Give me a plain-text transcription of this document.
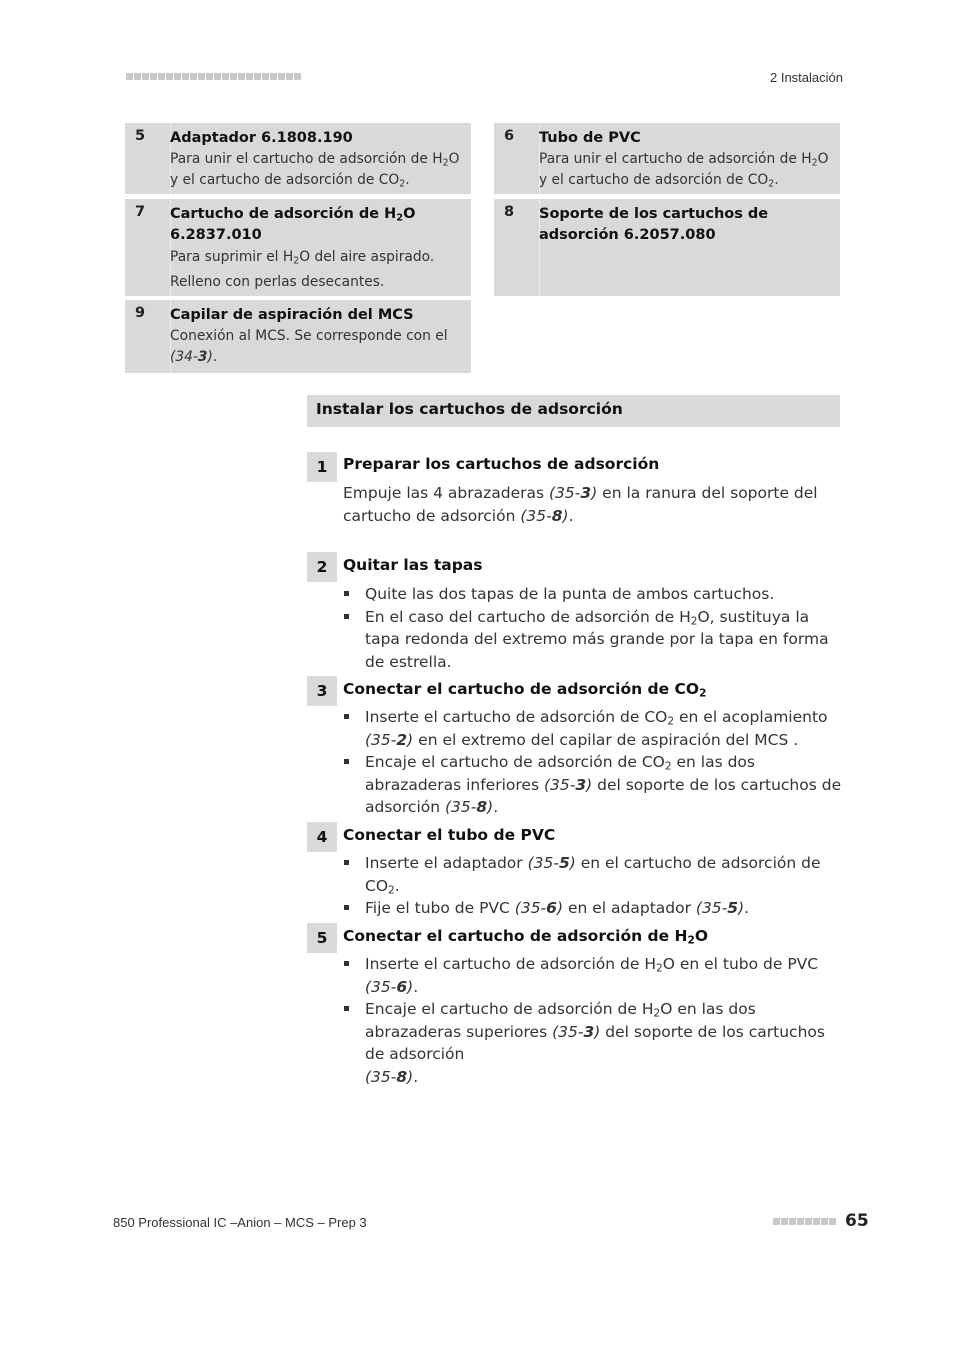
2 Instalación
5 Adaptador 6.1808.190
Para unir el cartucho de adsorción de $H_2O$ y el cartucho de adsorción de $CO_2$.
6 Tubo de PVC
Para unir el cartucho de adsorción de $H_2O$ y el cartucho de adsorción de $CO_2$.
7 Cartucho de adsorción de $H_2O$ 6.2837.010
Para suprimir el $H_2O$ del aire aspirado.
Relleno con perlas desecantes.
8 Soporte de los cartuchos de adsorción 6.2057.080
9 Capilar de aspiración del MCS
Conexión al MCS. Se corresponde con el
(34-3).
Instalar los cartuchos de adsorción
1	Preparar los cartuchos de adsorción
Empuje las 4 abrazaderas (35-3) en la ranura del soporte del cartucho de adsorción (35-8).
2	Quitar las tapas
Quite las dos tapas de la punta de ambos cartuchos.
En el caso del cartucho de adsorción de $H_2O$, sustituya la tapa redonda del extremo más grande por la tapa en forma de estrella.
3	Conectar el cartucho de adsorción de $CO_2$
Inserte el cartucho de adsorción de $CO_2$ en el acoplamiento (35-2) en el extremo del capilar de aspiración del MCS .
Encaje el cartucho de adsorción de $CO_2$ en las dos abrazaderas inferiores (35-3) del soporte de los cartuchos de adsorción (35-8).
4	Conectar el tubo de PVC
Inserte el adaptador (35-5) en el cartucho de adsorción de $CO_2$.
Fije el tubo de PVC (35-6) en el adaptador (35-5).
5	Conectar el cartucho de adsorción de $H_2O$
Inserte el cartucho de adsorción de $H_2O$ en el tubo de PVC (35-6).
Encaje el cartucho de adsorción de $H_2O$ en las dos abrazaderas superiores (35-3) del soporte de los cartuchos de adsorción
(35-8).
850 Professional IC –Anion – MCS – Prep 3	65
